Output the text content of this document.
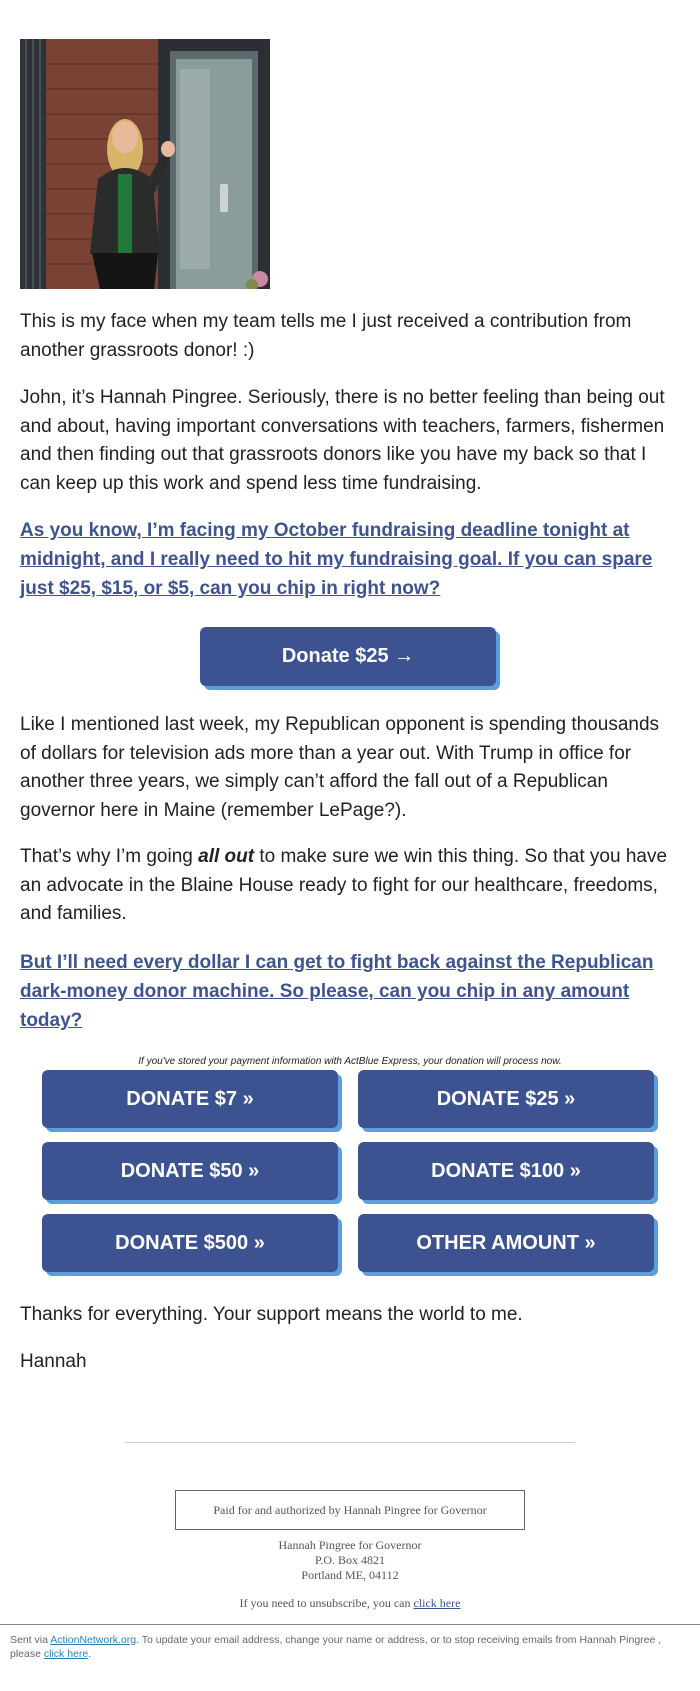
This is my face when my team tells me I just received a contribution from another grassroots donor! :)

John, it’s Hannah Pingree. Seriously, there is no better feeling than being out and about, having important conversations with teachers, farmers, fishermen and then finding out that grassroots donors like you have my back so that I can keep up this work and spend less time fundraising.

As you know, I’m facing my October fundraising deadline tonight at midnight, and I really need to hit my fundraising goal. If you can spare just $25, $15, or $5, can you chip in right now?

Donate $25 →

Like I mentioned last week, my Republican opponent is spending thousands of dollars for television ads more than a year out. With Trump in office for another three years, we simply can’t afford the fall out of a Republican governor here in Maine (remember LePage?).

That’s why I’m going all out to make sure we win this thing. So that you have an advocate in the Blaine House ready to fight for our healthcare, freedoms, and families.

But I’ll need every dollar I can get to fight back against the Republican dark-money donor machine. So please, can you chip in any amount today?

If you've stored your payment information with ActBlue Express, your donation will process now.
DONATE $7 »	DONATE $25 »
DONATE $50 »	DONATE $100 »
DONATE $500 »	OTHER AMOUNT »

Thanks for everything. Your support means the world to me.

Hannah

Paid for and authorized by Hannah Pingree for Governor
Hannah Pingree for Governor
P.O. Box 4821
Portland ME, 04112
If you need to unsubscribe, you can click here
Sent via ActionNetwork.org. To update your email address, change your name or address, or to stop receiving emails from Hannah Pingree , please click here.
